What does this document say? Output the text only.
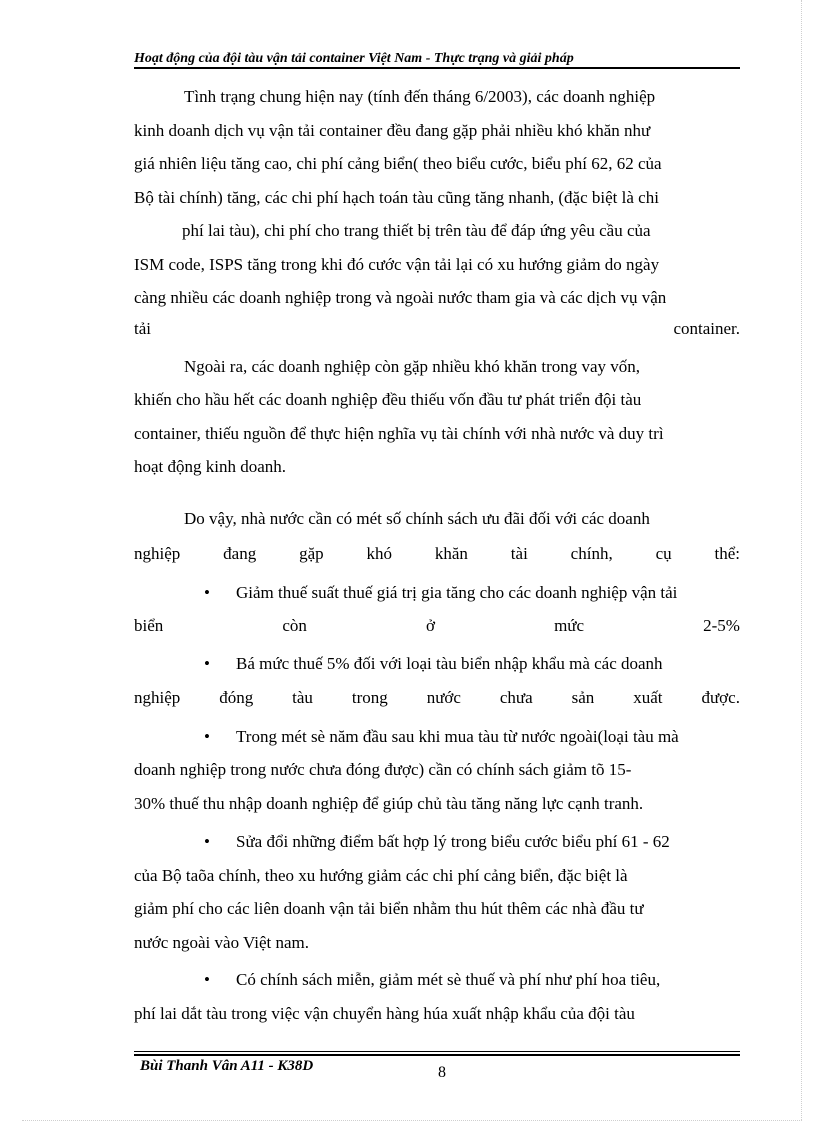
Hoạt động của đội tàu vận tải container Việt Nam - Thực trạng và giải pháp
Tình trạng chung hiện nay (tính đến tháng 6/2003), các doanh nghiệp
kinh doanh dịch vụ vận tải container đều đang gặp phải nhiều khó khăn như
giá nhiên liệu tăng cao, chi phí cảng biển( theo biểu cước, biểu phí 62, 62 của
Bộ tài chính) tăng, các chi phí hạch toán tàu cũng tăng nhanh, (đặc biệt là chi
phí lai tàu), chi phí cho trang thiết bị trên tàu để đáp ứng yêu cầu của
ISM code, ISPS tăng trong khi đó cước vận tải lại có xu hướng giảm do ngày
càng nhiều các doanh nghiệp trong và ngoài nước tham gia và các dịch vụ vận
Ngoài ra, các doanh nghiệp còn gặp nhiều khó khăn trong vay vốn,
khiến cho hầu hết các doanh nghiệp đều thiếu vốn đầu tư phát triển đội tàu
container, thiếu nguồn để thực hiện nghĩa vụ tài chính với nhà nước và duy trì
hoạt động kinh doanh.
Do vậy, nhà nước cần có mét số chính sách ưu đãi đối với các doanh
nghiệp	đang	gặp	khó	khăn	tài	chính,	cụ	thể:
• Giảm thuế suất thuế giá trị gia tăng cho các doanh nghiệp vận tải
biển	còn	ở	mức	2-5%
• Bá mức thuế 5% đối với loại tàu biển nhập khẩu mà các doanh
nghiệp đóng tàu trong nước chưa sản xuất được.
• Trong mét sè năm đầu sau khi mua tàu từ nước ngoài(loại tàu mà
doanh nghiệp trong nước chưa đóng được) cần có chính sách giảm tõ 15-
30% thuế thu nhập doanh nghiệp để giúp chủ tàu tăng năng lực cạnh tranh.
• Sửa đổi những điểm bất hợp lý trong biểu cước biểu phí 61 - 62
của Bộ taõa chính, theo xu hướng giảm các chi phí cảng biển, đặc biệt là
giảm phí cho các liên doanh vận tải biển nhằm thu hút thêm các nhà đầu tư
nước ngoài vào Việt nam.
• Có chính sách miễn, giảm mét sè thuế và phí như phí hoa tiêu,
phí lai dắt tàu trong việc vận chuyển hàng húa xuất nhập khẩu của đội tàu
tải	container.
Bùi Thanh Vân A11 - K38D	8
